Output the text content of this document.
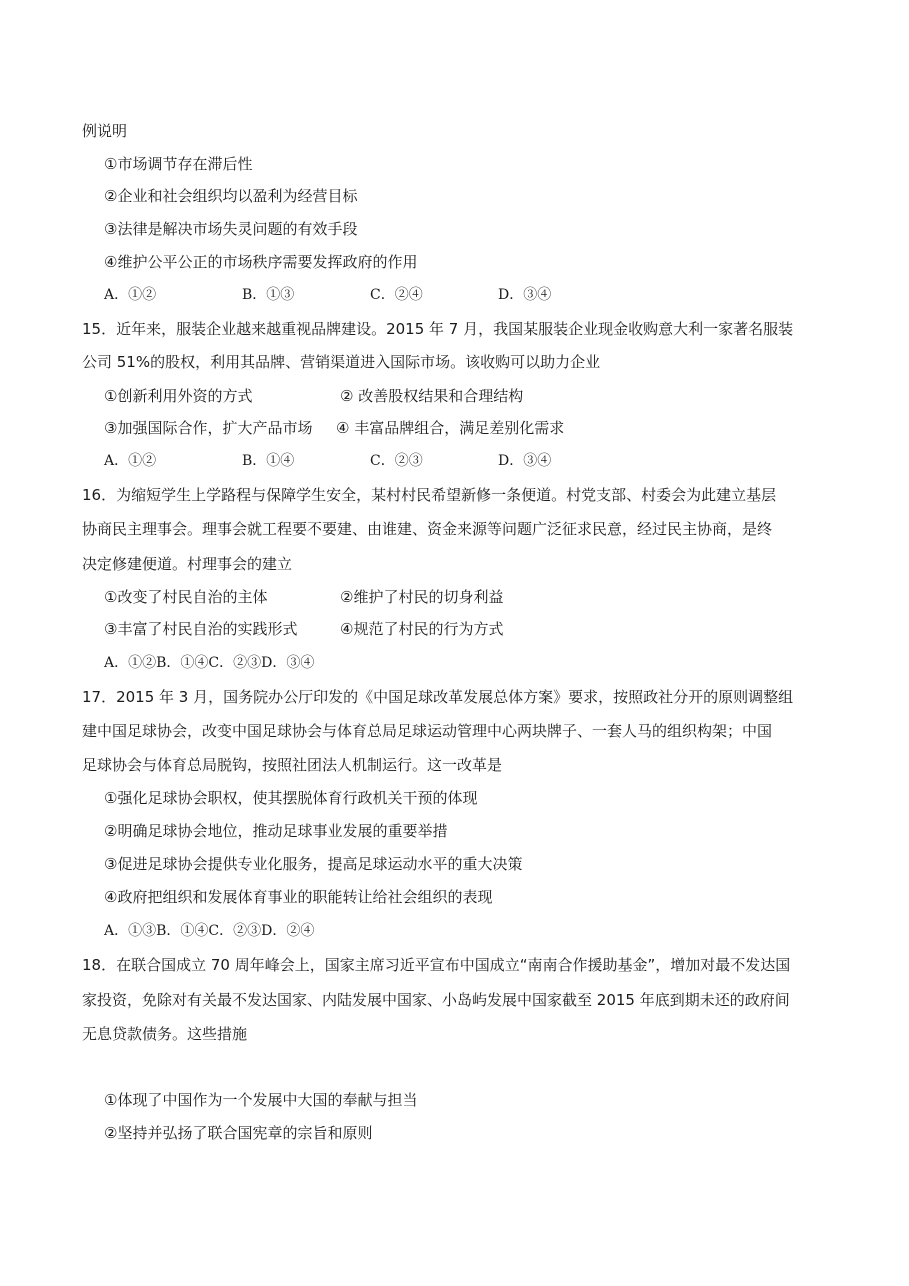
例说明
①市场调节存在滞后性
②企业和社会组织均以盈利为经营目标
③法律是解决市场失灵问题的有效手段
④维护公平公正的市场秩序需要发挥政府的作用
A．①②	B．①③	C．②④	D．③④
15．近年来，服装企业越来越重视品牌建设。2015 年 7 月，我国某服装企业现金收购意大利一家著名服装
公司 51%的股权，利用其品牌、营销渠道进入国际市场。该收购可以助力企业
①创新利用外资的方式	② 改善股权结果和合理结构
③加强国际合作，扩大产品市场 ④ 丰富品牌组合，满足差别化需求
A．①②	B．①④	C．②③	D．③④
16．为缩短学生上学路程与保障学生安全，某村村民希望新修一条便道。村党支部、村委会为此建立基层
协商民主理事会。理事会就工程要不要建、由谁建、资金来源等问题广泛征求民意，经过民主协商，是终
决定修建便道。村理事会的建立
①改变了村民自治的主体	②维护了村民的切身利益
③丰富了村民自治的实践形式	④规范了村民的行为方式
A．①②B．①④C．②③D．③④
17．2015 年 3 月，国务院办公厅印发的《中国足球改革发展总体方案》要求，按照政社分开的原则调整组
建中国足球协会，改变中国足球协会与体育总局足球运动管理中心两块牌子、一套人马的组织构架；中国
足球协会与体育总局脱钩，按照社团法人机制运行。这一改革是
①强化足球协会职权，使其摆脱体育行政机关干预的体现
②明确足球协会地位，推动足球事业发展的重要举措
③促进足球协会提供专业化服务，提高足球运动水平的重大决策
④政府把组织和发展体育事业的职能转让给社会组织的表现
A．①③B．①④C．②③D．②④
18．在联合国成立 70 周年峰会上，国家主席习近平宣布中国成立“南南合作援助基金”，增加对最不发达国
家投资，免除对有关最不发达国家、内陆发展中国家、小岛屿发展中国家截至 2015 年底到期未还的政府间
无息贷款债务。这些措施
①体现了中国作为一个发展中大国的奉献与担当
②坚持并弘扬了联合国宪章的宗旨和原则
